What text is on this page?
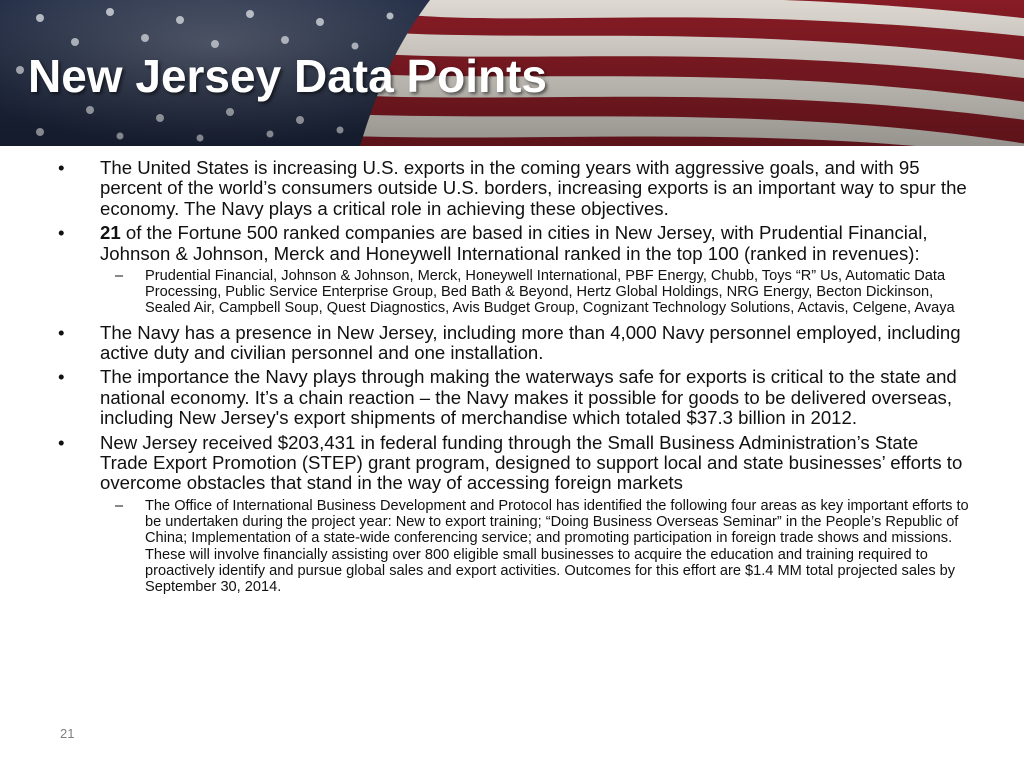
New Jersey Data Points
• The United States is increasing U.S. exports in the coming years with aggressive goals, and with 95 percent of the world’s consumers outside U.S. borders, increasing exports is an important way to spur the economy. The Navy plays a critical role in achieving these objectives.
• 21 of the Fortune 500 ranked companies are based in cities in New Jersey, with Prudential Financial, Johnson & Johnson, Merck and Honeywell International ranked in the top 100 (ranked in revenues):
– Prudential Financial, Johnson & Johnson, Merck, Honeywell International, PBF Energy, Chubb, Toys “R” Us, Automatic Data Processing, Public Service Enterprise Group, Bed Bath & Beyond, Hertz Global Holdings, NRG Energy, Becton Dickinson, Sealed Air, Campbell Soup, Quest Diagnostics, Avis Budget Group, Cognizant Technology Solutions, Actavis, Celgene, Avaya
• The Navy has a presence in New Jersey, including more than 4,000 Navy personnel employed, including active duty and civilian personnel and one installation.
• The importance the Navy plays through making the waterways safe for exports is critical to the state and national economy. It’s a chain reaction – the Navy makes it possible for goods to be delivered overseas, including New Jersey's export shipments of merchandise which totaled $37.3 billion in 2012.
• New Jersey received $203,431 in federal funding through the Small Business Administration’s State Trade Export Promotion (STEP) grant program, designed to support local and state businesses’ efforts to overcome obstacles that stand in the way of accessing foreign markets
– The Office of International Business Development and Protocol has identified the following four areas as key important efforts to be undertaken during the project year: New to export training; “Doing Business Overseas Seminar” in the People’s Republic of China; Implementation of a state-wide conferencing service; and promoting participation in foreign trade shows and missions. These will involve financially assisting over 800 eligible small businesses to acquire the education and training required to proactively identify and pursue global sales and export activities. Outcomes for this effort are $1.4 MM total projected sales by September 30, 2014.
21
